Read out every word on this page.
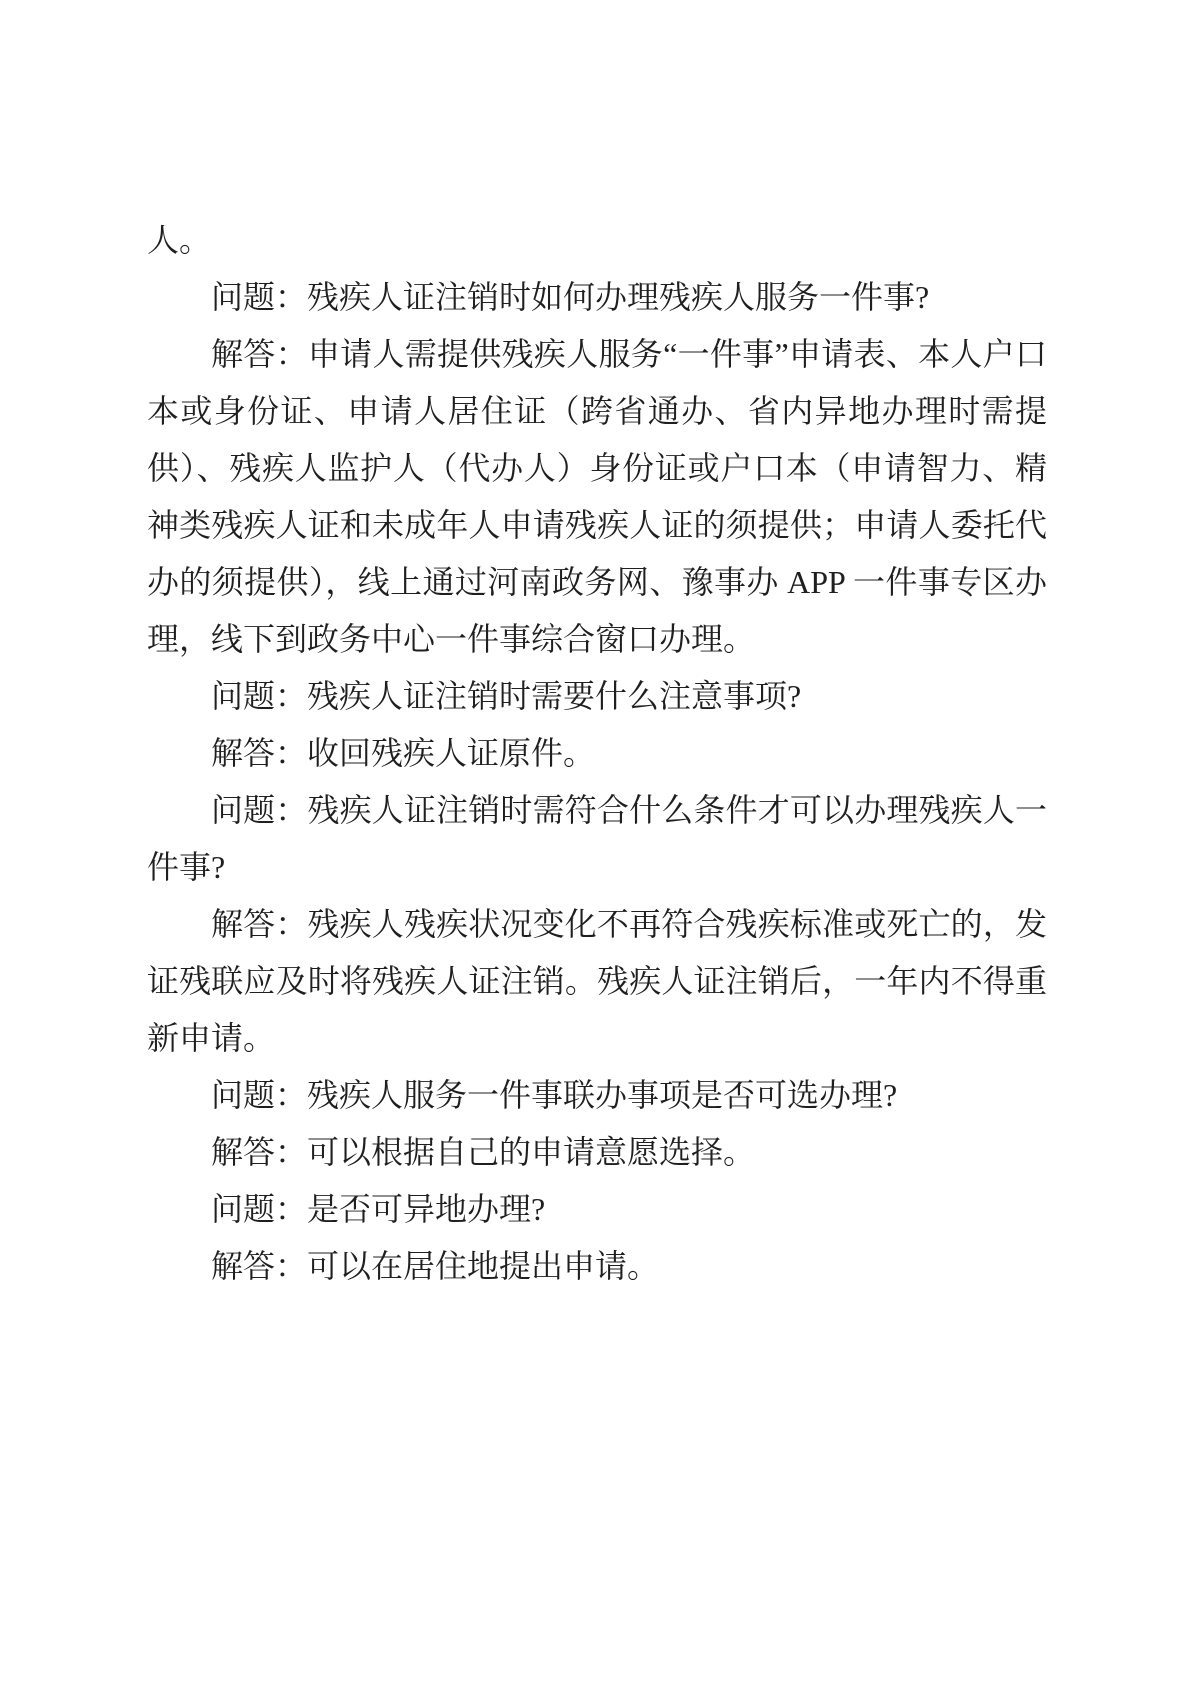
人。

问题：残疾人证注销时如何办理残疾人服务一件事?

解答：申请人需提供残疾人服务“一件事”申请表、本人户口本或身份证、申请人居住证（跨省通办、省内异地办理时需提供）、残疾人监护人（代办人）身份证或户口本（申请智力、精神类残疾人证和未成年人申请残疾人证的须提供；申请人委托代办的须提供），线上通过河南政务网、豫事办 APP 一件事专区办理，线下到政务中心一件事综合窗口办理。

问题：残疾人证注销时需要什么注意事项?

解答：收回残疾人证原件。

问题：残疾人证注销时需符合什么条件才可以办理残疾人一件事?

解答：残疾人残疾状况变化不再符合残疾标准或死亡的，发证残联应及时将残疾人证注销。残疾人证注销后，一年内不得重新申请。

问题：残疾人服务一件事联办事项是否可选办理?

解答：可以根据自己的申请意愿选择。

问题：是否可异地办理?

解答：可以在居住地提出申请。
